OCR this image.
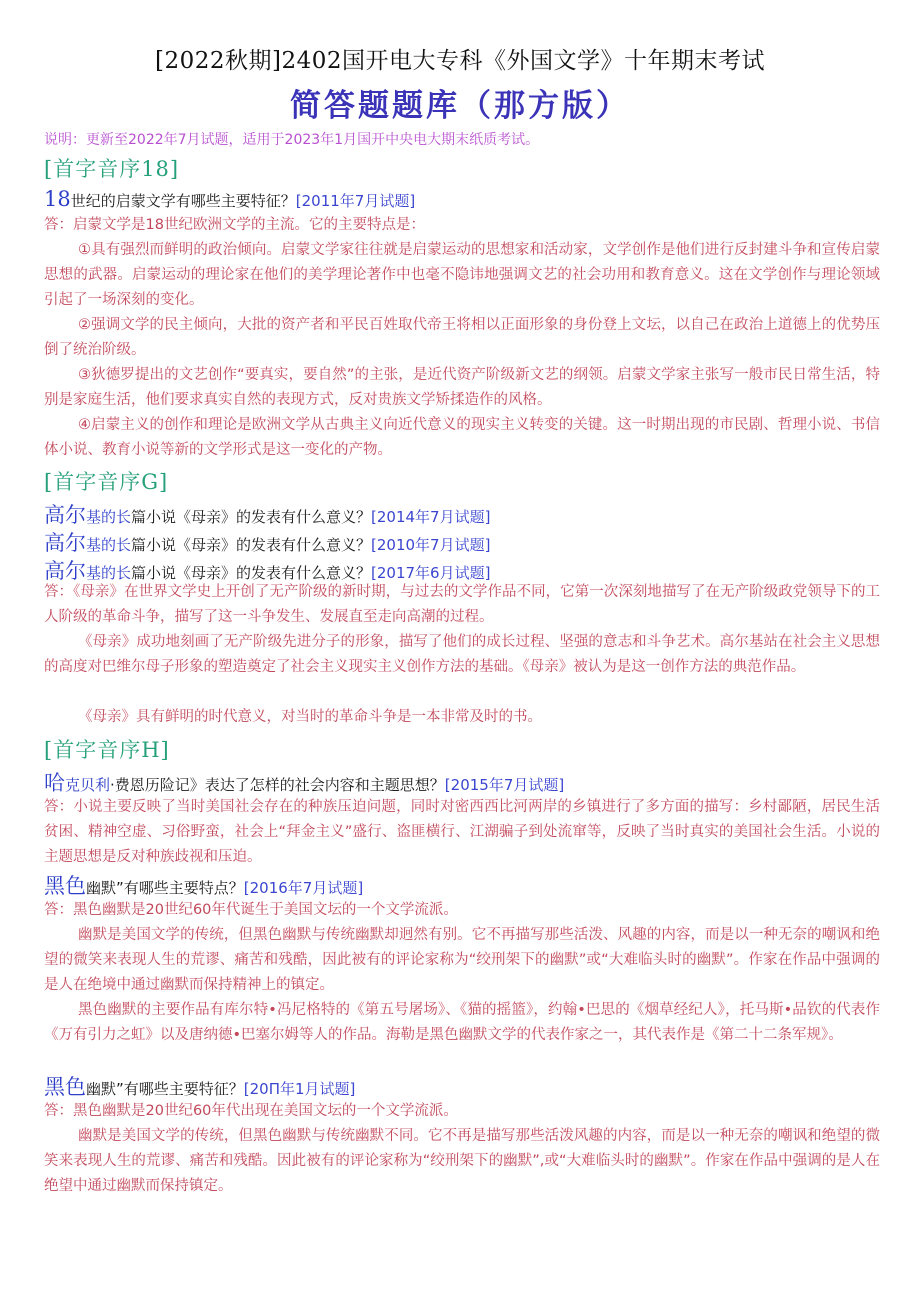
[2022秋期]2402国开电大专科《外国文学》十年期末考试
简答题题库（那方版）
说明：更新至2022年7月试题，适用于2023年1月国开中央电大期末纸质考试。
[首字音序18]
18世纪的启蒙文学有哪些主要特征？[2011年7月试题]

答：启蒙文学是18世纪欧洲文学的主流。它的主要特点是：

①具有强烈而鲜明的政治倾向。启蒙文学家往往就是启蒙运动的思想家和活动家，文学创作是他们进行反封建斗争和宣传启蒙思想的武器。启蒙运动的理论家在他们的美学理论著作中也毫不隐讳地强调文艺的社会功用和教育意义。这在文学创作与理论领域引起了一场深刻的变化。

②强调文学的民主倾向，大批的资产者和平民百姓取代帝王将相以正面形象的身份登上文坛，以自己在政治上道德上的优势压倒了统治阶级。

③狄德罗提出的文艺创作“要真实，要自然”的主张，是近代资产阶级新文艺的纲领。启蒙文学家主张写一般市民日常生活，特别是家庭生活，他们要求真实自然的表现方式，反对贵族文学矫揉造作的风格。

④启蒙主义的创作和理论是欧洲文学从古典主义向近代意义的现实主义转变的关键。这一时期出现的市民剧、哲理小说、书信体小说、教育小说等新的文学形式是这一变化的产物。

[首字音序G]
高尔基的长篇小说《母亲》的发表有什么意义？[2014年7月试题]
高尔基的长篇小说《母亲》的发表有什么意义？[2010年7月试题]
高尔基的长篇小说《母亲》的发表有什么意义？[2017年6月试题]

答：《母亲》在世界文学史上开创了无产阶级的新时期，与过去的文学作品不同，它第一次深刻地描写了在无产阶级政党领导下的工人阶级的革命斗争，描写了这一斗争发生、发展直至走向高潮的过程。

《母亲》成功地刻画了无产阶级先进分子的形象，描写了他们的成长过程、坚强的意志和斗争艺术。高尔基站在社会主义思想的高度对巴维尔母子形象的塑造奠定了社会主义现实主义创作方法的基础。《母亲》被认为是这一创作方法的典范作品。

《母亲》具有鲜明的时代意义，对当时的革命斗争是一本非常及时的书。

[首字音序H]
哈克贝利·费恩历险记》表达了怎样的社会内容和主题思想？[2015年7月试题]

答：小说主要反映了当时美国社会存在的种族压迫问题，同时对密西西比河两岸的乡镇进行了多方面的描写：乡村鄙陋，居民生活贫困、精神空虚、习俗野蛮，社会上“拜金主义”盛行、盗匪横行、江湖骗子到处流窜等，反映了当时真实的美国社会生活。小说的主题思想是反对种族歧视和压迫。

黑色幽默”有哪些主要特点？[2016年7月试题]

答：黑色幽默是20世纪60年代诞生于美国文坛的一个文学流派。

幽默是美国文学的传统，但黑色幽默与传统幽默却迥然有别。它不再描写那些活泼、风趣的内容，而是以一种无奈的嘲讽和绝望的微笑来表现人生的荒谬、痛苦和残酷，因此被有的评论家称为“绞刑架下的幽默”或“大难临头时的幽默”。作家在作品中强调的是人在绝境中通过幽默而保持精神上的镇定。

黑色幽默的主要作品有库尔特•冯尼格特的《第五号屠场》、《猫的摇篮》，约翰•巴思的《烟草经纪人》，托马斯•品钦的代表作《万有引力之虹》以及唐纳德•巴塞尔姆等人的作品。海勒是黑色幽默文学的代表作家之一，其代表作是《第二十二条军规》。

黑色幽默”有哪些主要特征？[20П年1月试题]

答：黑色幽默是20世纪60年代出现在美国文坛的一个文学流派。

幽默是美国文学的传统，但黑色幽默与传统幽默不同。它不再是描写那些活泼风趣的内容，而是以一种无奈的嘲讽和绝望的微笑来表现人生的荒谬、痛苦和残酷。因此被有的评论家称为“绞刑架下的幽默”,或“大难临头时的幽默”。作家在作品中强调的是人在绝望中通过幽默而保持镇定。
